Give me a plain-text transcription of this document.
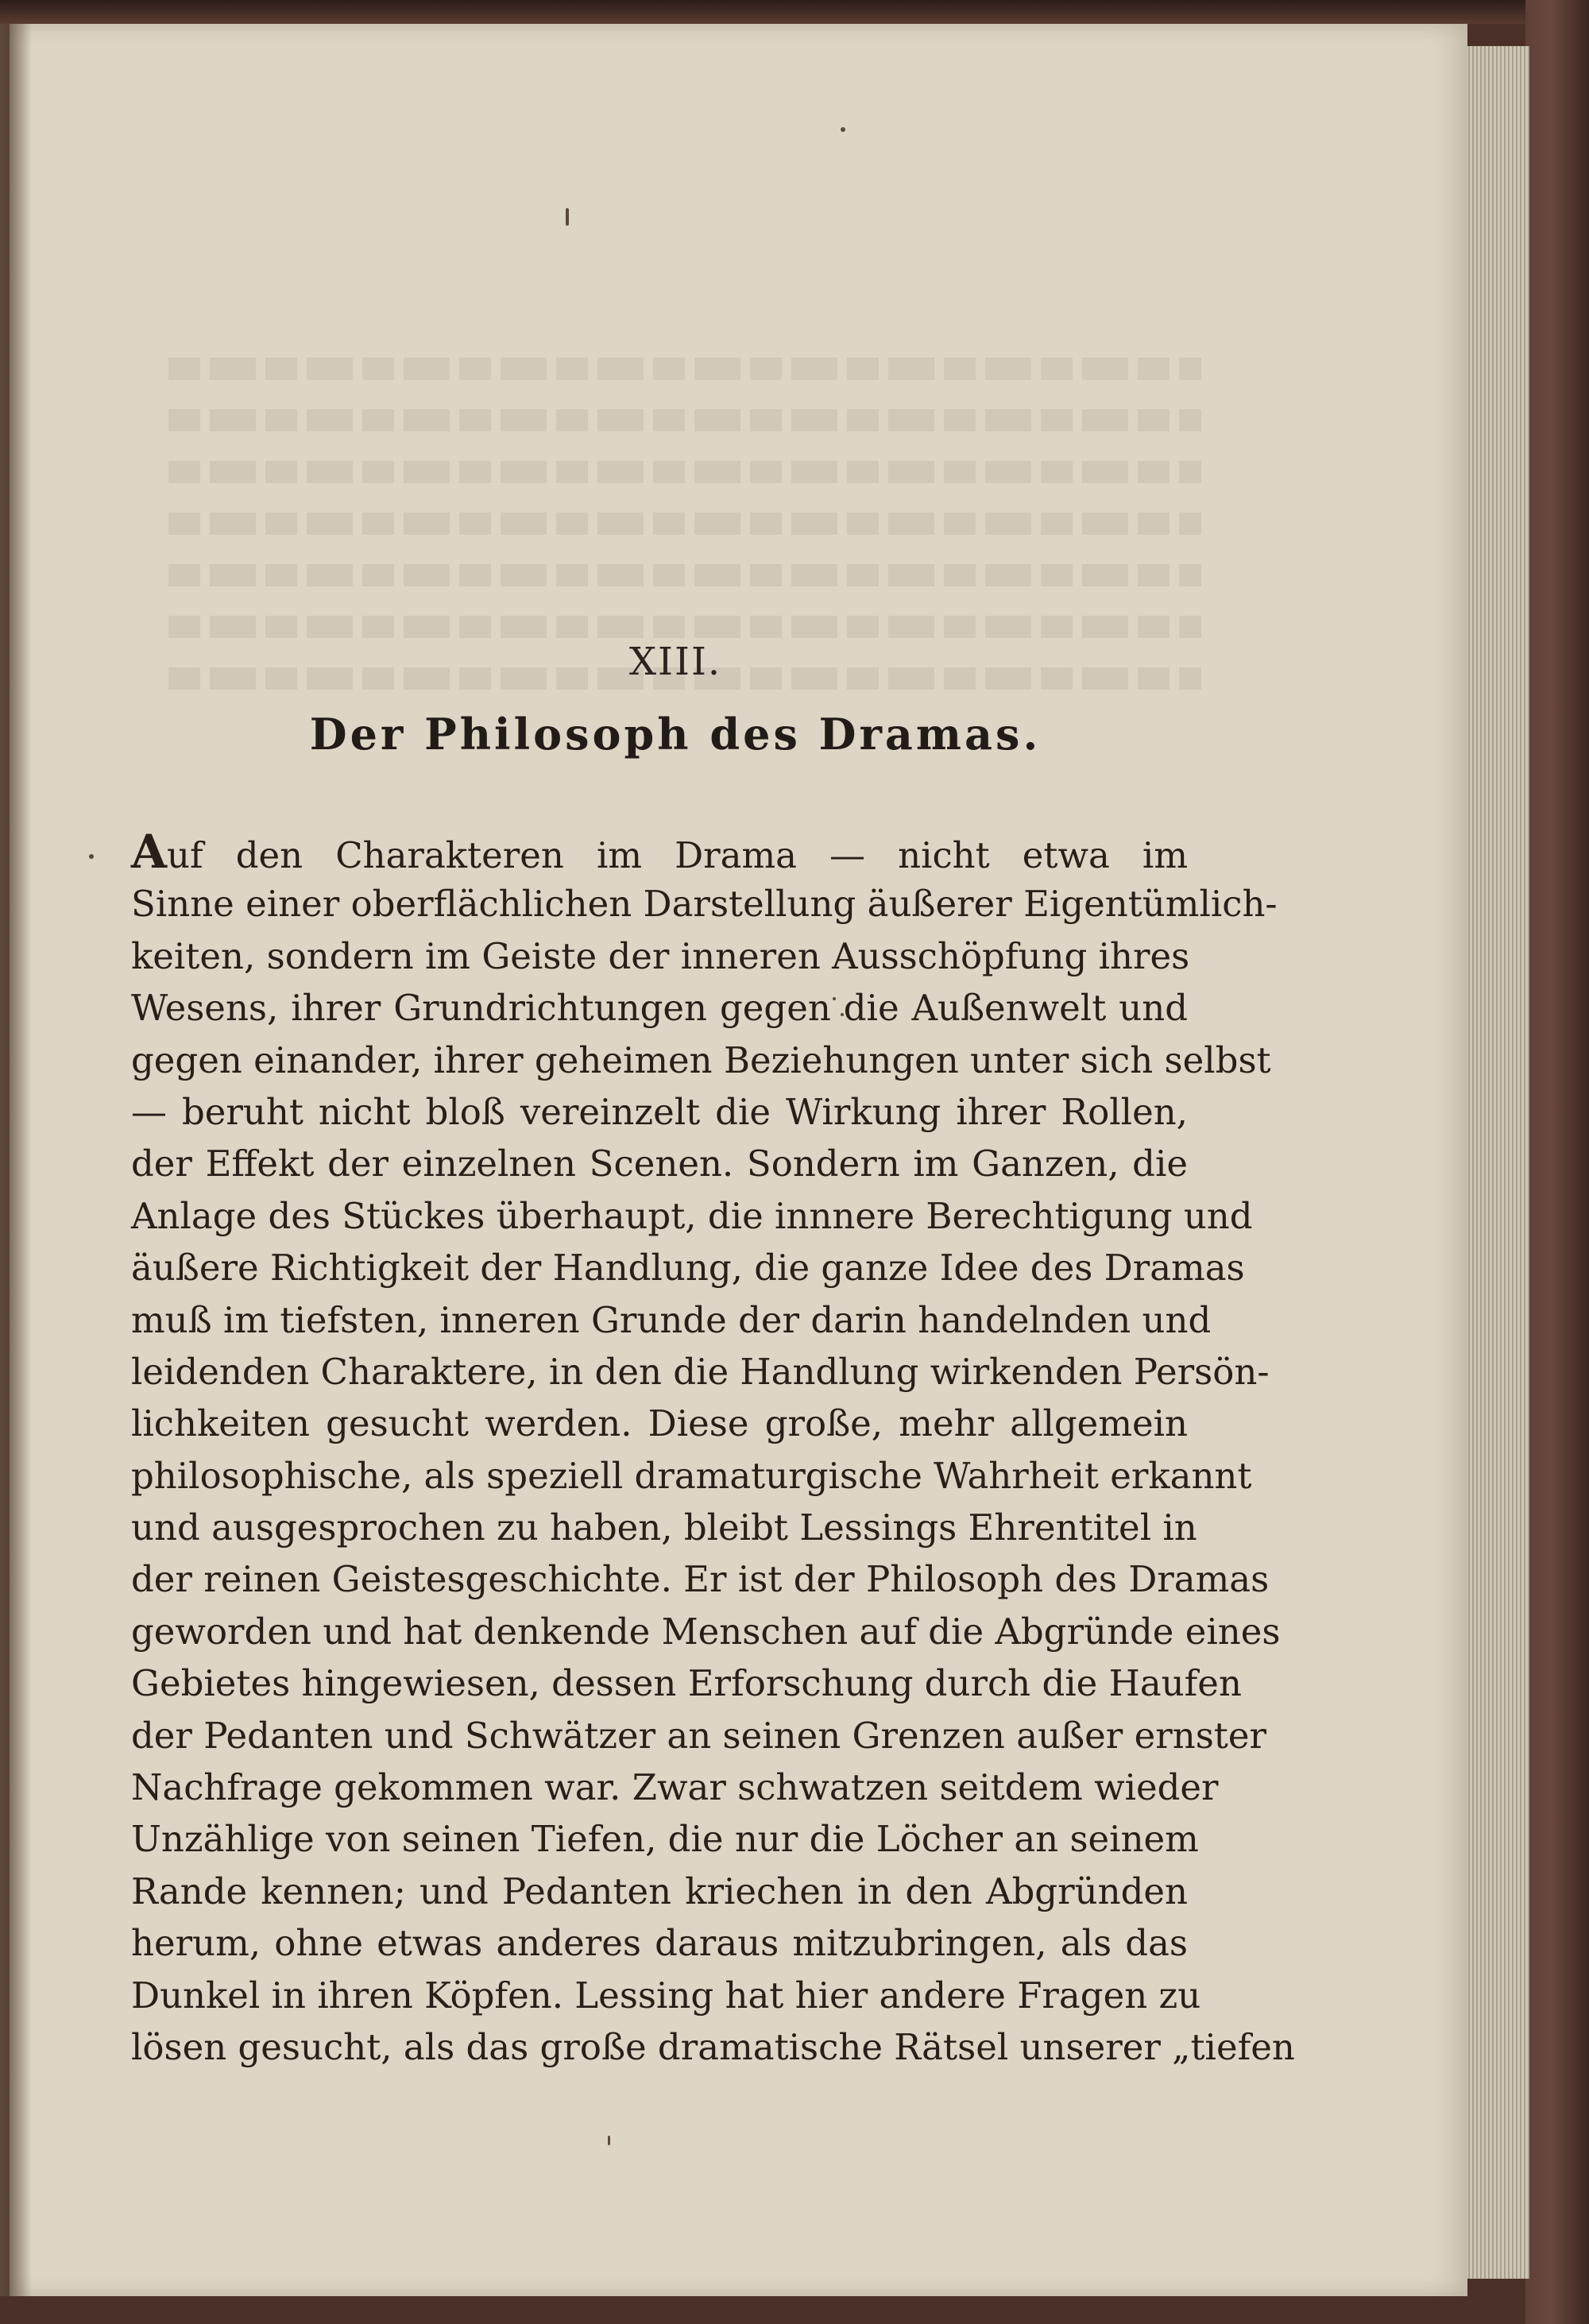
XIII.
Der Philosoph des Dramas.
Auf den Charakteren im Drama — nicht etwa im
Sinne einer oberflächlichen Darstellung äußerer Eigentümlich-
keiten, sondern im Geiste der inneren Ausschöpfung ihres
Wesens, ihrer Grundrichtungen gegen die Außenwelt und
gegen einander, ihrer geheimen Beziehungen unter sich selbst
— beruht nicht bloß vereinzelt die Wirkung ihrer Rollen,
der Effekt der einzelnen Scenen. Sondern im Ganzen, die
Anlage des Stückes überhaupt, die innnere Berechtigung und
äußere Richtigkeit der Handlung, die ganze Idee des Dramas
muß im tiefsten, inneren Grunde der darin handelnden und
leidenden Charaktere, in den die Handlung wirkenden Persön-
lichkeiten gesucht werden. Diese große, mehr allgemein
philosophische, als speziell dramaturgische Wahrheit erkannt
und ausgesprochen zu haben, bleibt Lessings Ehrentitel in
der reinen Geistesgeschichte. Er ist der Philosoph des Dramas
geworden und hat denkende Menschen auf die Abgründe eines
Gebietes hingewiesen, dessen Erforschung durch die Haufen
der Pedanten und Schwätzer an seinen Grenzen außer ernster
Nachfrage gekommen war. Zwar schwatzen seitdem wieder
Unzählige von seinen Tiefen, die nur die Löcher an seinem
Rande kennen; und Pedanten kriechen in den Abgründen
herum, ohne etwas anderes daraus mitzubringen, als das
Dunkel in ihren Köpfen. Lessing hat hier andere Fragen zu
lösen gesucht, als das große dramatische Rätsel unserer „tiefen
